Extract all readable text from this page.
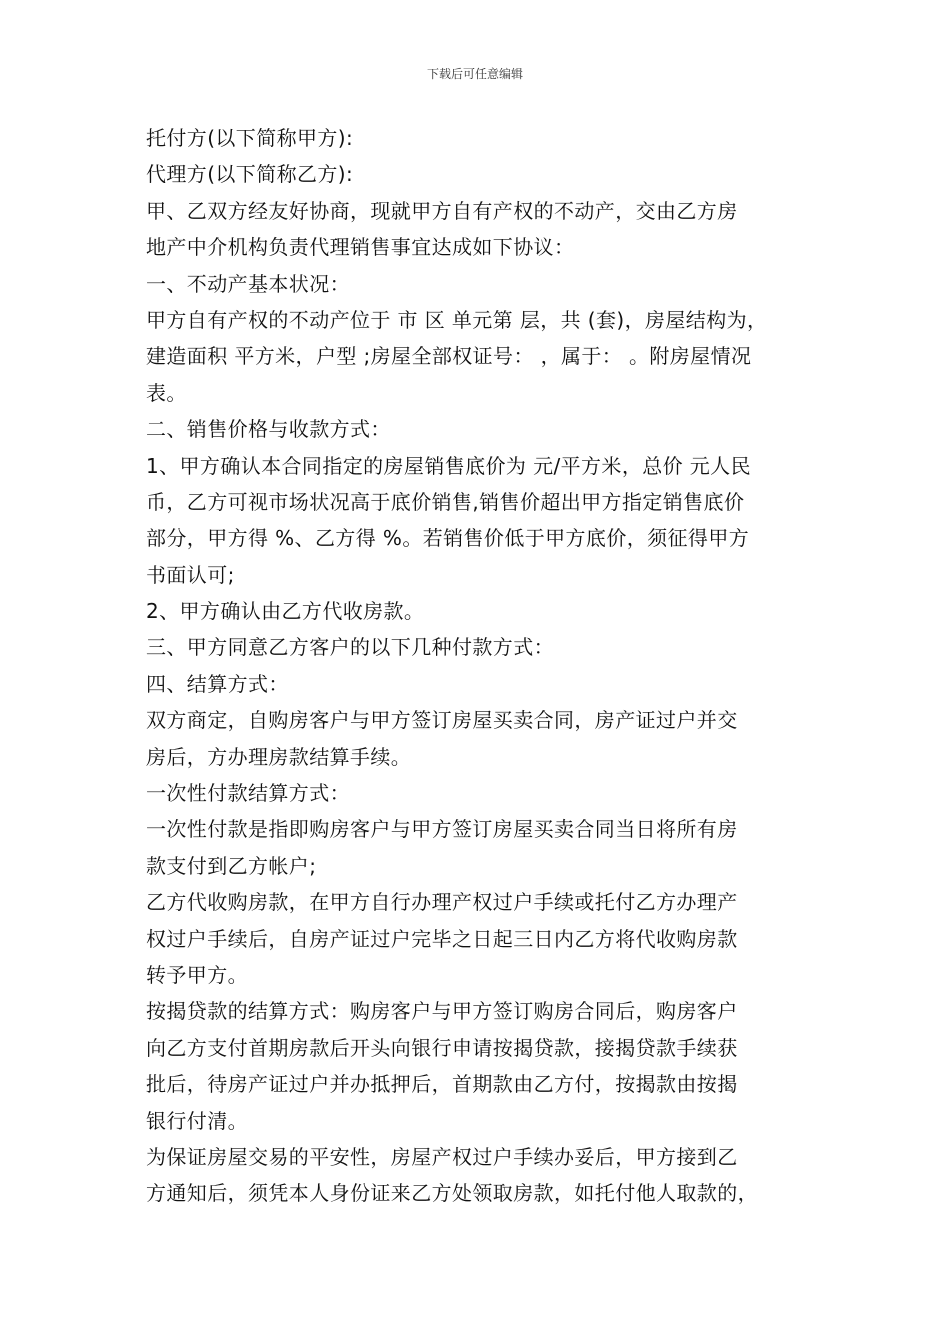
下载后可任意编辑
托付方(以下简称甲方):
代理方(以下简称乙方):
甲、乙双方经友好协商，现就甲方自有产权的不动产，交由乙方房
地产中介机构负责代理销售事宜达成如下协议：
一、不动产基本状况：
甲方自有产权的不动产位于 市 区 单元第 层，共 (套)，房屋结构为，
建造面积 平方米，户型 ;房屋全部权证号： ，属于： 。附房屋情况
表。
二、销售价格与收款方式：
1、甲方确认本合同指定的房屋销售底价为 元/平方米，总价 元人民
币，乙方可视市场状况高于底价销售,销售价超出甲方指定销售底价
部分，甲方得 %、乙方得 %。若销售价低于甲方底价，须征得甲方
书面认可;
2、甲方确认由乙方代收房款。
三、甲方同意乙方客户的以下几种付款方式：
四、结算方式：
双方商定，自购房客户与甲方签订房屋买卖合同，房产证过户并交
房后，方办理房款结算手续。
一次性付款结算方式：
一次性付款是指即购房客户与甲方签订房屋买卖合同当日将所有房
款支付到乙方帐户;
乙方代收购房款，在甲方自行办理产权过户手续或托付乙方办理产
权过户手续后，自房产证过户完毕之日起三日内乙方将代收购房款
转予甲方。
按揭贷款的结算方式：购房客户与甲方签订购房合同后，购房客户
向乙方支付首期房款后开头向银行申请按揭贷款，接揭贷款手续获
批后，待房产证过户并办抵押后，首期款由乙方付，按揭款由按揭
银行付清。
为保证房屋交易的平安性，房屋产权过户手续办妥后，甲方接到乙
方通知后，须凭本人身份证来乙方处领取房款，如托付他人取款的，
